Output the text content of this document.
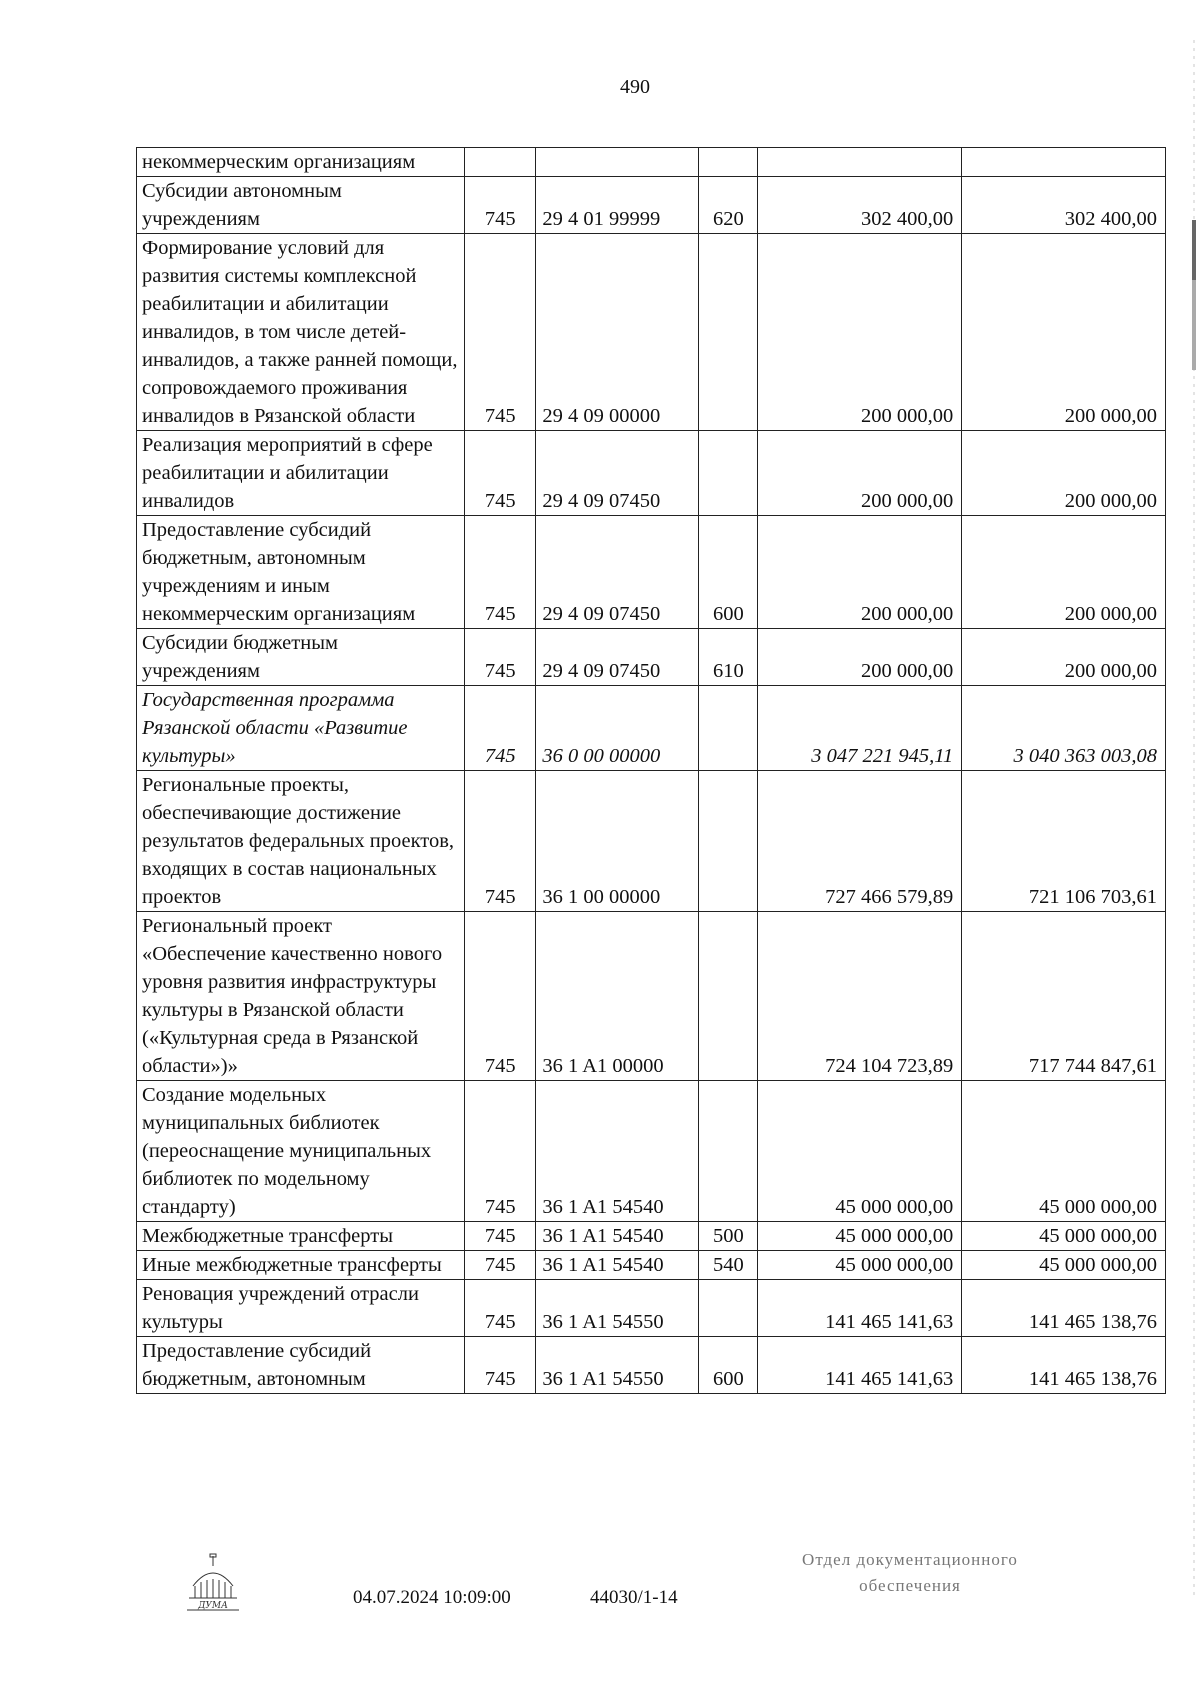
490
некоммерческим организациям					
Субсидии автономным учреждениям	745	29 4 01 99999	620	302 400,00	302 400,00
Формирование условий для развития системы комплексной реабилитации и абилитации инвалидов, в том числе детей-инвалидов, а также ранней помощи, сопровождаемого проживания инвалидов в Рязанской области	745	29 4 09 00000		200 000,00	200 000,00
Реализация мероприятий в сфере реабилитации и абилитации инвалидов	745	29 4 09 07450		200 000,00	200 000,00
Предоставление субсидий бюджетным, автономным учреждениям и иным некоммерческим организациям	745	29 4 09 07450	600	200 000,00	200 000,00
Субсидии бюджетным учреждениям	745	29 4 09 07450	610	200 000,00	200 000,00
Государственная программа Рязанской области «Развитие культуры»	745	36 0 00 00000		3 047 221 945,11	3 040 363 003,08
Региональные проекты, обеспечивающие достижение результатов федеральных проектов, входящих в состав национальных проектов	745	36 1 00 00000		727 466 579,89	721 106 703,61
Региональный проект «Обеспечение качественно нового уровня развития инфраструктуры культуры в Рязанской области («Культурная среда в Рязанской области»)»	745	36 1 A1 00000		724 104 723,89	717 744 847,61
Создание модельных муниципальных библиотек (переоснащение муниципальных библиотек по модельному стандарту)	745	36 1 A1 54540		45 000 000,00	45 000 000,00
Межбюджетные трансферты	745	36 1 A1 54540	500	45 000 000,00	45 000 000,00
Иные межбюджетные трансферты	745	36 1 A1 54540	540	45 000 000,00	45 000 000,00
Реновация учреждений отрасли культуры	745	36 1 A1 54550		141 465 141,63	141 465 138,76
Предоставление субсидий бюджетным, автономным	745	36 1 A1 54550	600	141 465 141,63	141 465 138,76
ДУМА	04.07.2024 10:09:00	44030/1-14
Отдел документационного
обеспечения
